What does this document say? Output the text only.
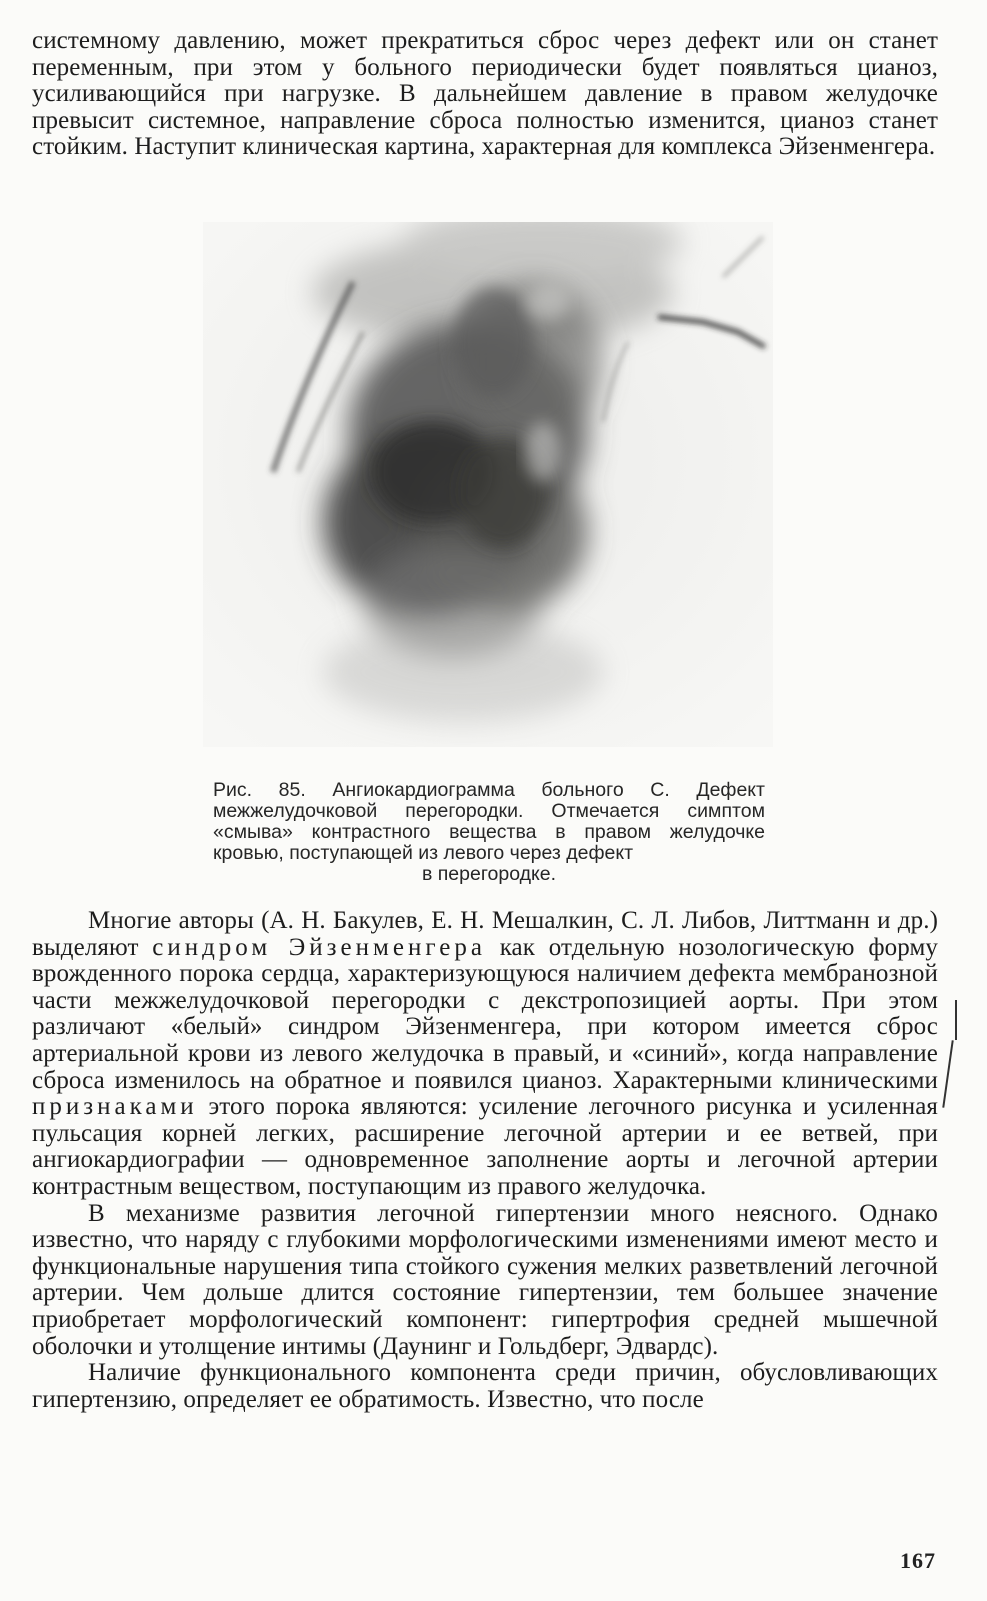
системному давлению, может прекратиться сброс через дефект или он станет переменным, при этом у больного периодически будет появляться цианоз, усиливающийся при нагрузке. В дальнейшем давление в правом желудочке превысит системное, направление сброса полностью изменится, цианоз станет стойким. Наступит клиническая картина, характерная для комплекса Эйзенменгера.

Рис. 85. Ангиокардиограмма больного С. Дефект межжелудочковой перегородки. Отмечается симптом «смыва» контрастного вещества в правом желудочке кровью, поступающей из левого через дефект
в перегородке.

Многие авторы (А. Н. Бакулев, Е. Н. Мешалкин, С. Л. Либов, Литтманн и др.) выделяют синдром Эйзенменгера как отдельную нозологическую форму врожденного порока сердца, характеризующуюся наличием дефекта мембранозной части межжелудочковой перегородки с декстропозицией аорты. При этом различают «белый» синдром Эйзенменгера, при котором имеется сброс артериальной крови из левого желудочка в правый, и «синий», когда направление сброса изменилось на обратное и появился цианоз. Характерными клиническими признаками этого порока являются: усиление легочного рисунка и усиленная пульсация корней легких, расширение легочной артерии и ее ветвей, при ангиокардиографии — одновременное заполнение аорты и легочной артерии контрастным веществом, поступающим из правого желудочка.

В механизме развития легочной гипертензии много неясного. Однако известно, что наряду с глубокими морфологическими изменениями имеют место и функциональные нарушения типа стойкого сужения мелких разветвлений легочной артерии. Чем дольше длится состояние гипертензии, тем большее значение приобретает морфологический компонент: гипертрофия средней мышечной оболочки и утолщение интимы (Даунинг и Гольдберг, Эдвардс).

Наличие функционального компонента среди причин, обусловливающих гипертензию, определяет ее обратимость. Известно, что после

167
